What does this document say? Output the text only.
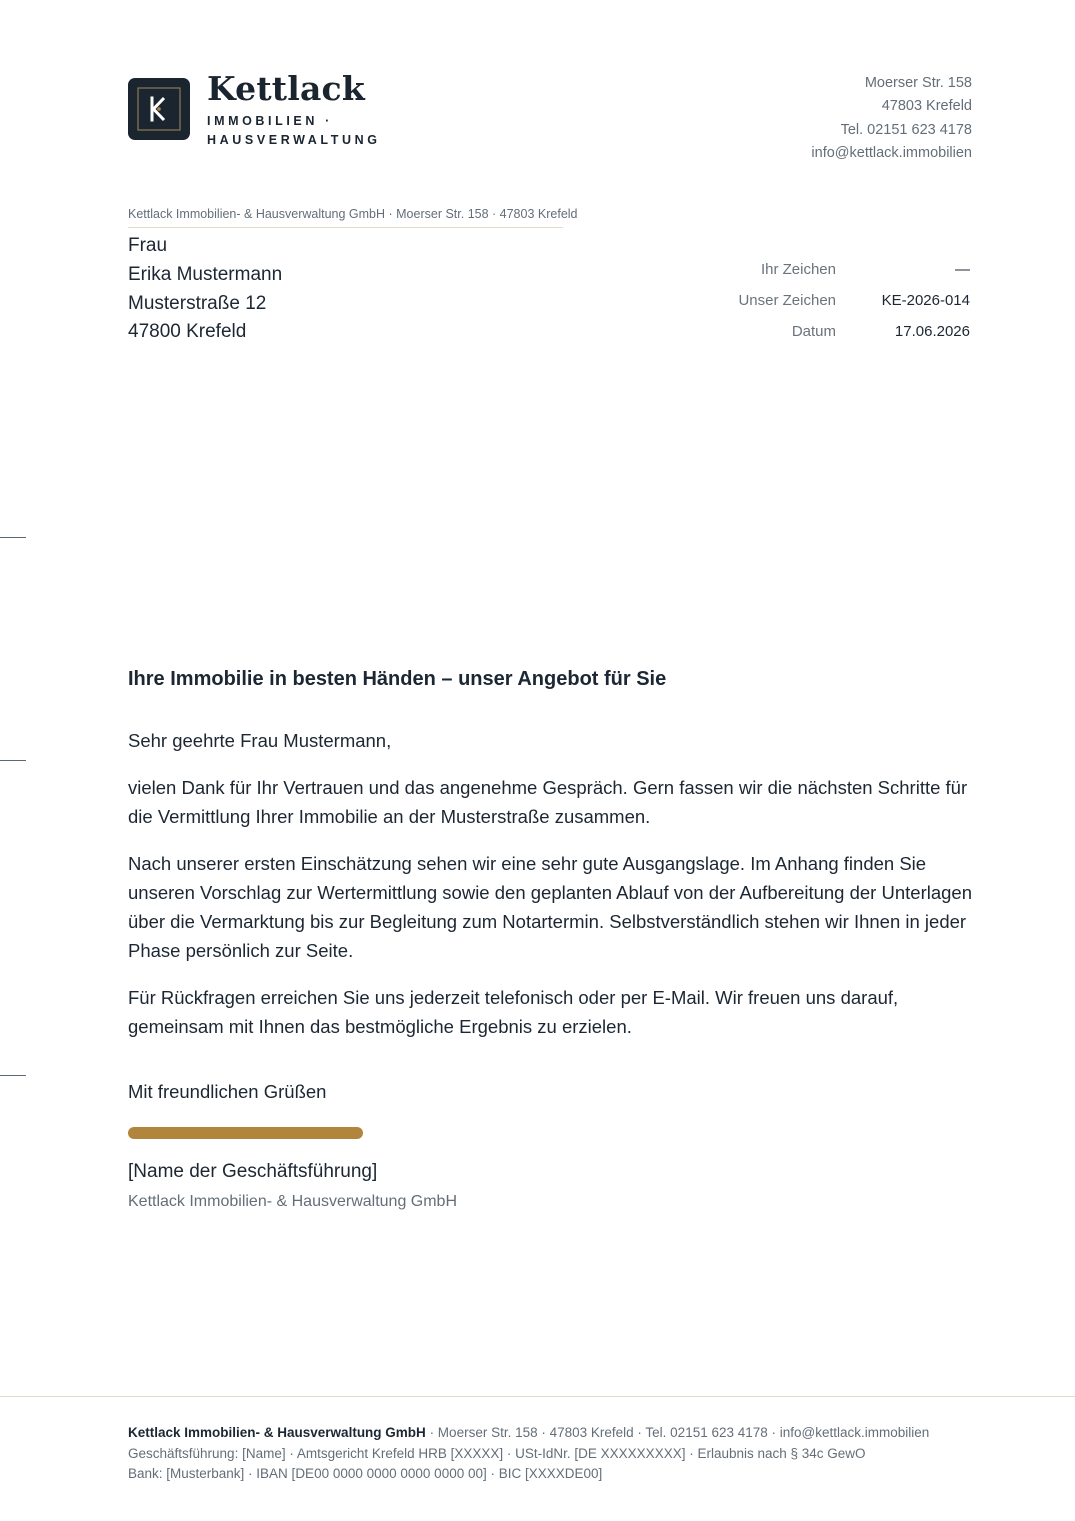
Kettlack
IMMOBILIEN · HAUSVERWALTUNG
Moerser Str. 158
47803 Krefeld
Tel. 02151 623 4178
info@kettlack.immobilien
Kettlack Immobilien- & Hausverwaltung GmbH · Moerser Str. 158 · 47803 Krefeld
Frau
Erika Mustermann
Musterstraße 12
47800 Krefeld
Ihr Zeichen	—
Unser Zeichen	KE-2026-014
Datum	17.06.2026
Ihre Immobilie in besten Händen – unser Angebot für Sie

Sehr geehrte Frau Mustermann,

vielen Dank für Ihr Vertrauen und das angenehme Gespräch. Gern fassen wir die nächsten Schritte für die Vermittlung Ihrer Immobilie an der Musterstraße zusammen.

Nach unserer ersten Einschätzung sehen wir eine sehr gute Ausgangslage. Im Anhang finden Sie unseren Vorschlag zur Wertermittlung sowie den geplanten Ablauf von der Aufbereitung der Unterlagen über die Vermarktung bis zur Begleitung zum Notartermin. Selbstverständlich stehen wir Ihnen in jeder Phase persönlich zur Seite.

Für Rückfragen erreichen Sie uns jederzeit telefonisch oder per E-Mail. Wir freuen uns darauf, gemeinsam mit Ihnen das bestmögliche Ergebnis zu erzielen.

Mit freundlichen Grüßen
[Name der Geschäftsführung]
Kettlack Immobilien- & Hausverwaltung GmbH
Kettlack Immobilien- & Hausverwaltung GmbH · Moerser Str. 158 · 47803 Krefeld · Tel. 02151 623 4178 · info@kettlack.immobilien
Geschäftsführung: [Name] · Amtsgericht Krefeld HRB [XXXXX] · USt-IdNr. [DE XXXXXXXXX] · Erlaubnis nach § 34c GewO
Bank: [Musterbank] · IBAN [DE00 0000 0000 0000 0000 00] · BIC [XXXXDE00]
